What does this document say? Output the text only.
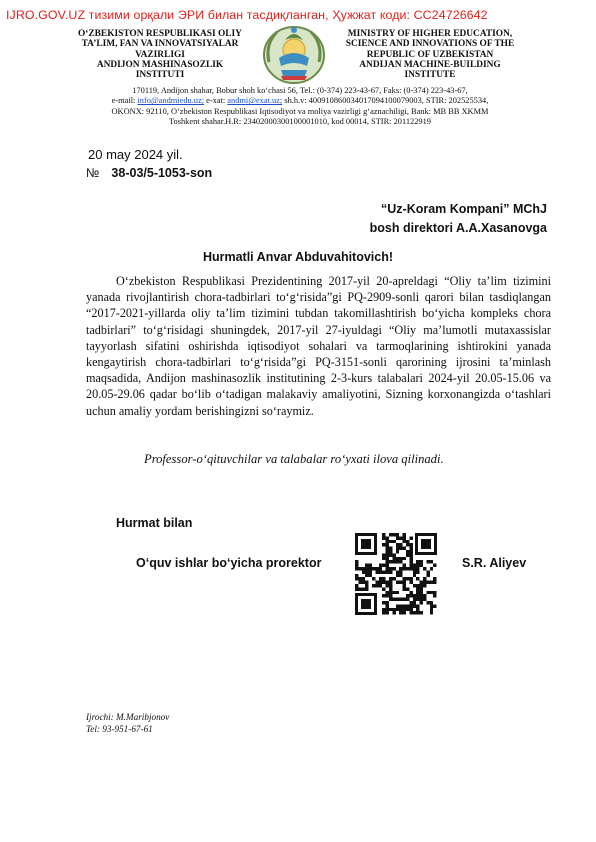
IJRO.GOV.UZ тизими орқали ЭРИ билан тасдиқланган, Ҳужжат коди: CC24726642
O‘ZBEKISTON RESPUBLIKASI OLIY
TA’LIM, FAN VA INNOVATSIYALAR
VAZIRLIGI
ANDIJON MASHINASOZLIK
INSTITUTI
MINISTRY OF HIGHER EDUCATION,
SCIENCE AND INNOVATIONS OF THE
REPUBLIC OF UZBEKISTAN
ANDIJAN MACHINE-BUILDING
INSTITUTE
170119, Andijon shahar, Bobur shoh ko‘chasi 56, Tel.: (0-374) 223-43-67, Faks: (0-374) 223-43-67,
e-mail: info@andmiedu.uz; e-xat: andmi@exat.uz; sh.h.v: 400910860034017094100079003, STIR: 202525534,
OKONX: 92110, O‘zbekiston Respublikasi Iqtisodiyot va moliya vazirligi g‘aznachiligi, Bank: MB BB XKMM
Toshkent shahar.H.R: 23402000300100001010, kod 00014, STIR: 201122919
20 may 2024 yil.
№ 38-03/5-1053-son
“Uz-Koram Kompani” MChJ
bosh direktori A.A.Xasanovga
Hurmatli Anvar Abduvahitovich!

O‘zbekiston Respublikasi Prezidentining 2017-yil 20-apreldagi “Oliy ta’lim tizimini yanada rivojlantirish chora-tadbirlari to‘g‘risida”gi PQ-2909-sonli qarori bilan tasdiqlangan “2017-2021-yillarda oliy ta’lim tizimini tubdan takomillashtirish bo‘yicha kompleks chora tadbirlari” to‘g‘risidagi shuningdek, 2017-yil 27-iyuldagi “Oliy ma’lumotli mutaxassislar tayyorlash sifatini oshirishda iqtisodiyot sohalari va tarmoqlarining ishtirokini yanada kengaytirish chora-tadbirlari to‘g‘risida”gi PQ-3151-sonli qarorining ijrosini ta’minlash maqsadida, Andijon mashinasozlik institutining 2-3-kurs talabalari 2024-yil 20.05-15.06 va 20.05-29.06 qadar bo‘lib o‘tadigan malakaviy amaliyotini, Sizning korxonangizda o‘tashlari uchun amaliy yordam berishingizni so‘raymiz.

Professor-o‘qituvchilar va talabalar ro‘yxati ilova qilinadi.
Hurmat bilan
O‘quv ishlar bo‘yicha prorektor	S.R. Aliyev
Ijrochi: M.Maribjonov
Tel: 93-951-67-61
